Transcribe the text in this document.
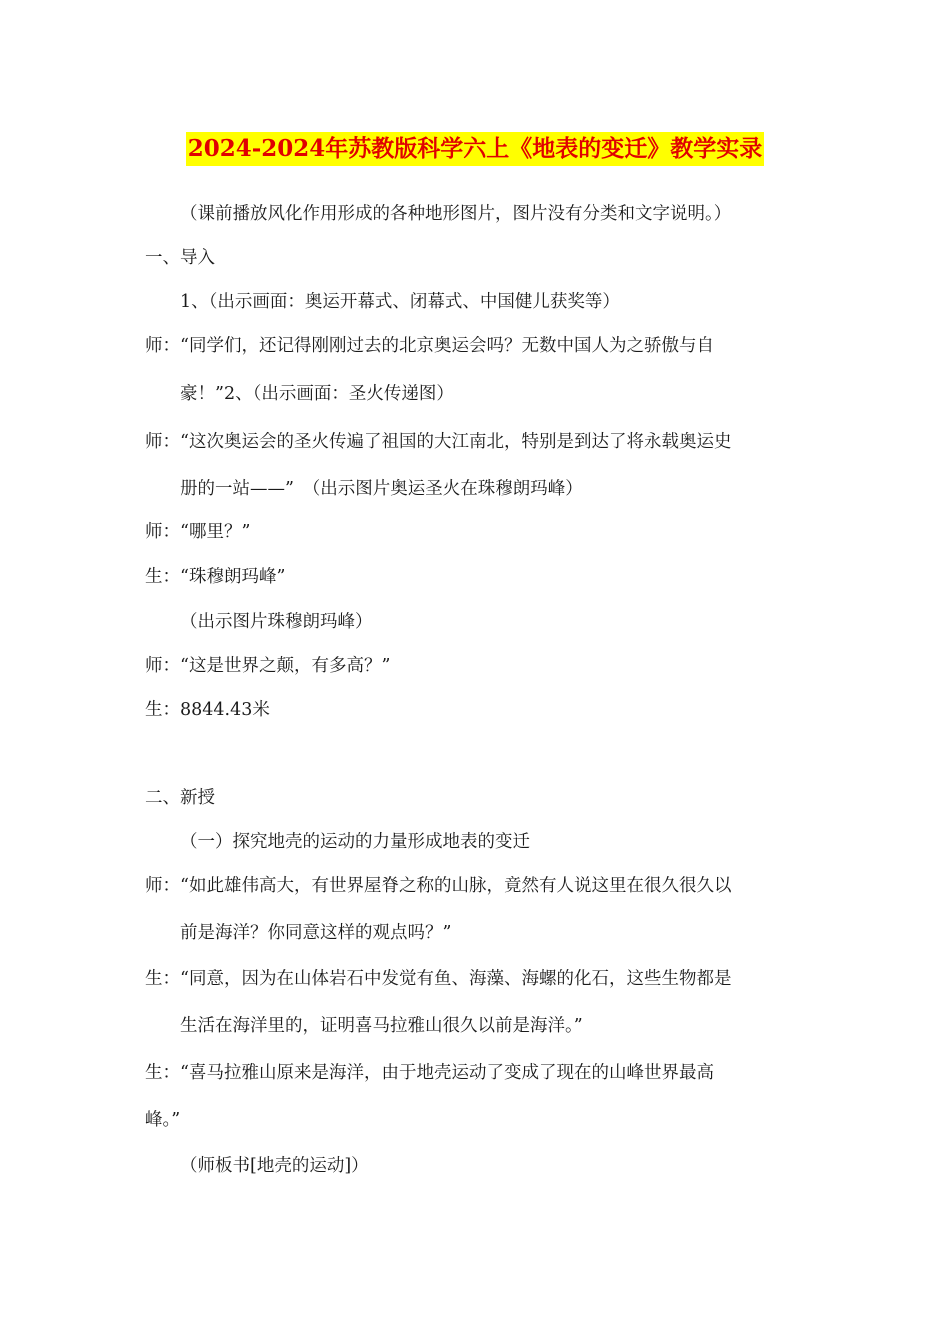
2024-2024年苏教版科学六上《地表的变迁》教学实录
（课前播放风化作用形成的各种地形图片，图片没有分类和文字说明。）
一、导入
1、（出示画面：奥运开幕式、闭幕式、中国健儿获奖等）
师：“同学们，还记得刚刚过去的北京奥运会吗？无数中国人为之骄傲与自
豪！”2、（出示画面：圣火传递图）
师：“这次奥运会的圣火传遍了祖国的大江南北，特别是到达了将永载奥运史
册的一站——”　（出示图片奥运圣火在珠穆朗玛峰）
师：“哪里？”
生：“珠穆朗玛峰”
（出示图片珠穆朗玛峰）
师：“这是世界之颠，有多高？”
生：8844.43米
二、新授
（一）探究地壳的运动的力量形成地表的变迁
师：“如此雄伟高大，有世界屋脊之称的山脉，竟然有人说这里在很久很久以
前是海洋？你同意这样的观点吗？”
生：“同意，因为在山体岩石中发觉有鱼、海藻、海螺的化石，这些生物都是
生活在海洋里的，证明喜马拉雅山很久以前是海洋。”
生：“喜马拉雅山原来是海洋，由于地壳运动了变成了现在的山峰世界最高
峰。”
（师板书[地壳的运动]）
